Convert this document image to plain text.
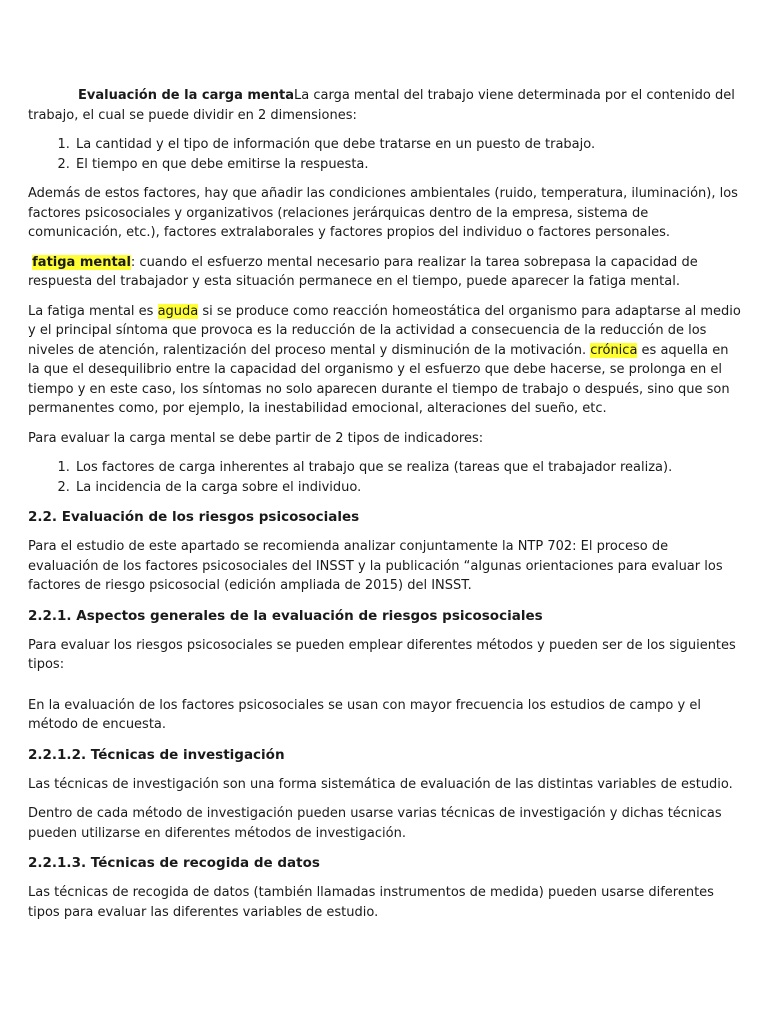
Evaluación de la carga mentaLa carga mental del trabajo viene determinada por el contenido del trabajo, el cual se puede dividir en 2 dimensiones:

1. La cantidad y el tipo de información que debe tratarse en un puesto de trabajo.
2. El tiempo en que debe emitirse la respuesta.

Además de estos factores, hay que añadir las condiciones ambientales (ruido, temperatura, iluminación), los factores psicosociales y organizativos (relaciones jerárquicas dentro de la empresa, sistema de comunicación, etc.), factores extralaborales y factores propios del individuo o factores personales.

fatiga mental: cuando el esfuerzo mental necesario para realizar la tarea sobrepasa la capacidad de respuesta del trabajador y esta situación permanece en el tiempo, puede aparecer la fatiga mental.

La fatiga mental es aguda si se produce como reacción homeostática del organismo para adaptarse al medio y el principal síntoma que provoca es la reducción de la actividad a consecuencia de la reducción de los niveles de atención, ralentización del proceso mental y disminución de la motivación. crónica es aquella en la que el desequilibrio entre la capacidad del organismo y el esfuerzo que debe hacerse, se prolonga en el tiempo y en este caso, los síntomas no solo aparecen durante el tiempo de trabajo o después, sino que son permanentes como, por ejemplo, la inestabilidad emocional, alteraciones del sueño, etc.

Para evaluar la carga mental se debe partir de 2 tipos de indicadores:

1. Los factores de carga inherentes al trabajo que se realiza (tareas que el trabajador realiza).
2. La incidencia de la carga sobre el individuo.
2.2. Evaluación de los riesgos psicosociales

Para el estudio de este apartado se recomienda analizar conjuntamente la NTP 702: El proceso de evaluación de los factores psicosociales del INSST y la publicación “algunas orientaciones para evaluar los factores de riesgo psicosocial (edición ampliada de 2015) del INSST.

2.2.1. Aspectos generales de la evaluación de riesgos psicosociales

Para evaluar los riesgos psicosociales se pueden emplear diferentes métodos y pueden ser de los siguientes tipos:

En la evaluación de los factores psicosociales se usan con mayor frecuencia los estudios de campo y el método de encuesta.

2.2.1.2. Técnicas de investigación

Las técnicas de investigación son una forma sistemática de evaluación de las distintas variables de estudio.

Dentro de cada método de investigación pueden usarse varias técnicas de investigación y dichas técnicas pueden utilizarse en diferentes métodos de investigación.

2.2.1.3. Técnicas de recogida de datos

Las técnicas de recogida de datos (también llamadas instrumentos de medida) pueden usarse diferentes tipos para evaluar las diferentes variables de estudio.
